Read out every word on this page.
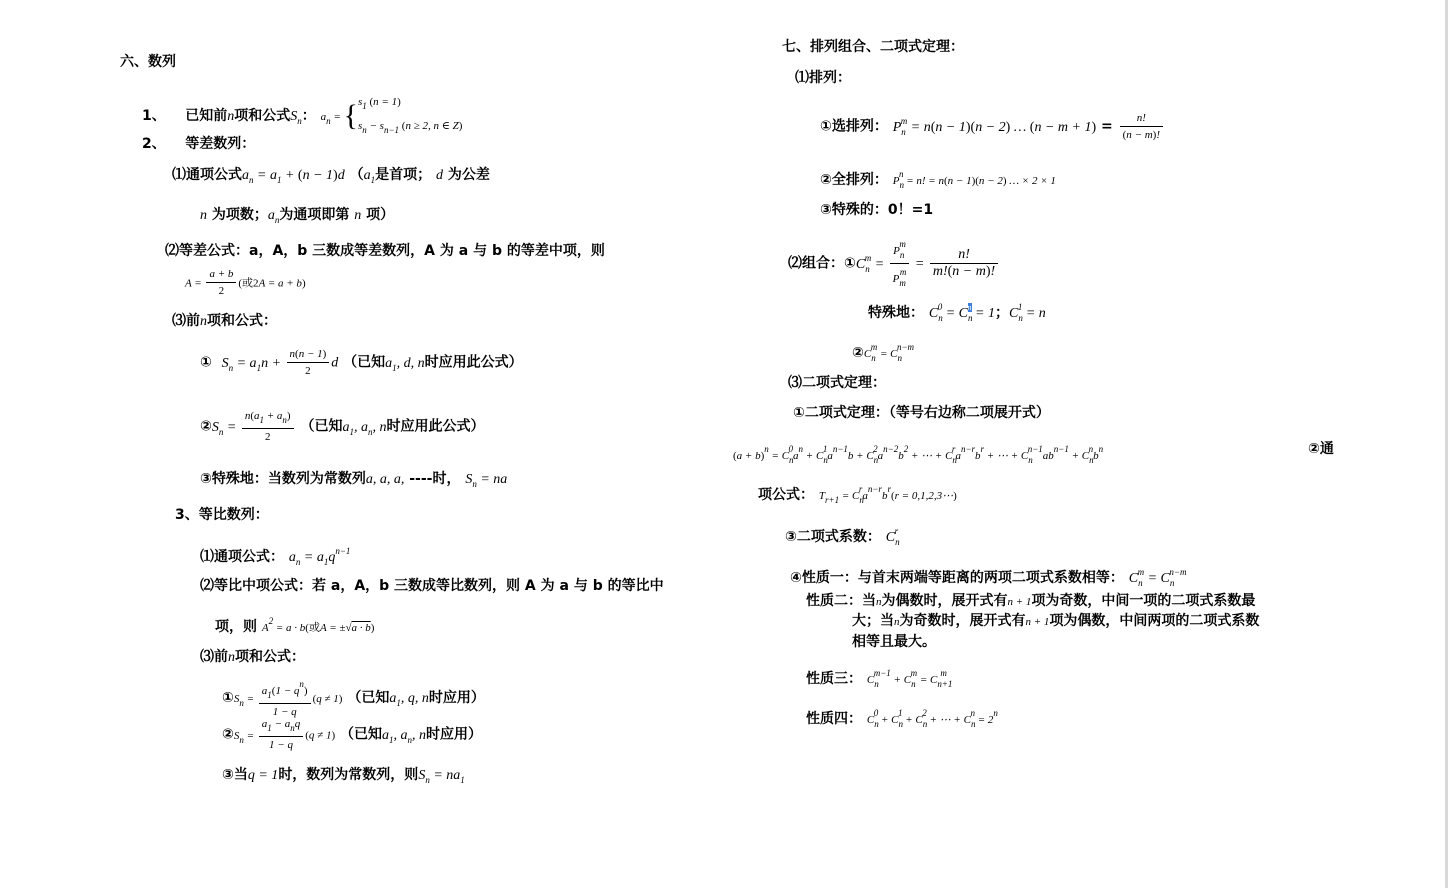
六、数列
1、 已知前n项和公式$S_n$： $a_n = \{s_1$ (n = 1)
$s_n - s_{n-1}$ (n ≥ 2, n ∈ Z)
2、 等差数列：
⑴通项公式$a_n = a_1 + (n - 1)d$ （$a_1$是首项； d 为公差
n 为项数；$a_n$为通项即第 n 项）
⑵等差公式：a，A，b 三数成等差数列，A 为 a 与 b 的等差中项，则
$A = \frac{a + b}{2}$ (或2A = a + b)
⑶前n项和公式：
① $S_n = a_1n + \frac{n(n - 1)}{2}$ d （已知$a_1$, d, n时应用此公式）
$②S_n = \frac{n(a_1 + a_n)}{2}$ （已知$a_1$, $a_n$, n时应用此公式）
③特殊地：当数列为常数列a, a, a, ----时， $S_n$ = na
3、等比数列：
⑴通项公式： $a_n = a_1q^{n-1}$
⑵等比中项公式：若 a，A，b 三数成等比数列，则 A 为 a 与 b 的等比中
项，则 $A^2 = a \cdot b$(或A = ±√a · b)
⑶前n项和公式：
$①S_n = \frac{a_1(1 - q^n)}{1 - q} (q \ne 1)$ （已知$a_1$, q, n时应用）
$②S_n = \frac{a_1 - a_nq}{1 - q} (q \ne 1)$ （已知$a_1$, $a_n$, n时应用）
③当q = 1时，数列为常数列，则$S_n = na_1$
七、排列组合、二项式定理：
⑴排列：
①选排列： $P_n^m = n(n - 1)(n - 2)$ … $(n - m + 1) = \frac{n!}{(n - m)!}$
②全排列： $P_n^n = n$! = n(n − 1)(n − 2) … × 2 × 1
③特殊的：0！=1
⑵组合：$①C_n^m = \frac{P_n^m}{P_m^m} = \frac{n!}{m!(n - m)!}$
特殊地： $C_n^0 = C_n^n = 1$；$C_n^1 = n$
$②C_n^m = C_n^{n-m}$
⑶二项式定理：
①二项式定理：（等号右边称二项展开式）
$(a + b)^n = C_n^0a^n + C_n^1a^{n-1}b + C_n^2a^{n-2}b^2$ + ⋯ + $C_n^ra^{n-r}b^r$ + ⋯ + $C_n^{n-1}ab^{n-1} + C_n^nb^n$	②通
项公式： $T_{r+1} = C_n^ra^{n-r}b^r(r$ = 0,1,2,3⋯)
③二项式系数： $C_n^r$
④性质一：与首末两端等距离的两项二项式系数相等： $C_n^m = C_n^{n-m}$
性质二：当n为偶数时，展开式有n + 1项为奇数，中间一项的二项式系数最
大；当n为奇数时，展开式有n + 1项为偶数，中间两项的二项式系数
相等且最大。
性质三： $C_n^{m-1} + C_n^m = C_{n+1}^m$
性质四： $C_n^0 + C_n^1 + C_n^2$ + ⋯ + $C_n^n = 2^n$
